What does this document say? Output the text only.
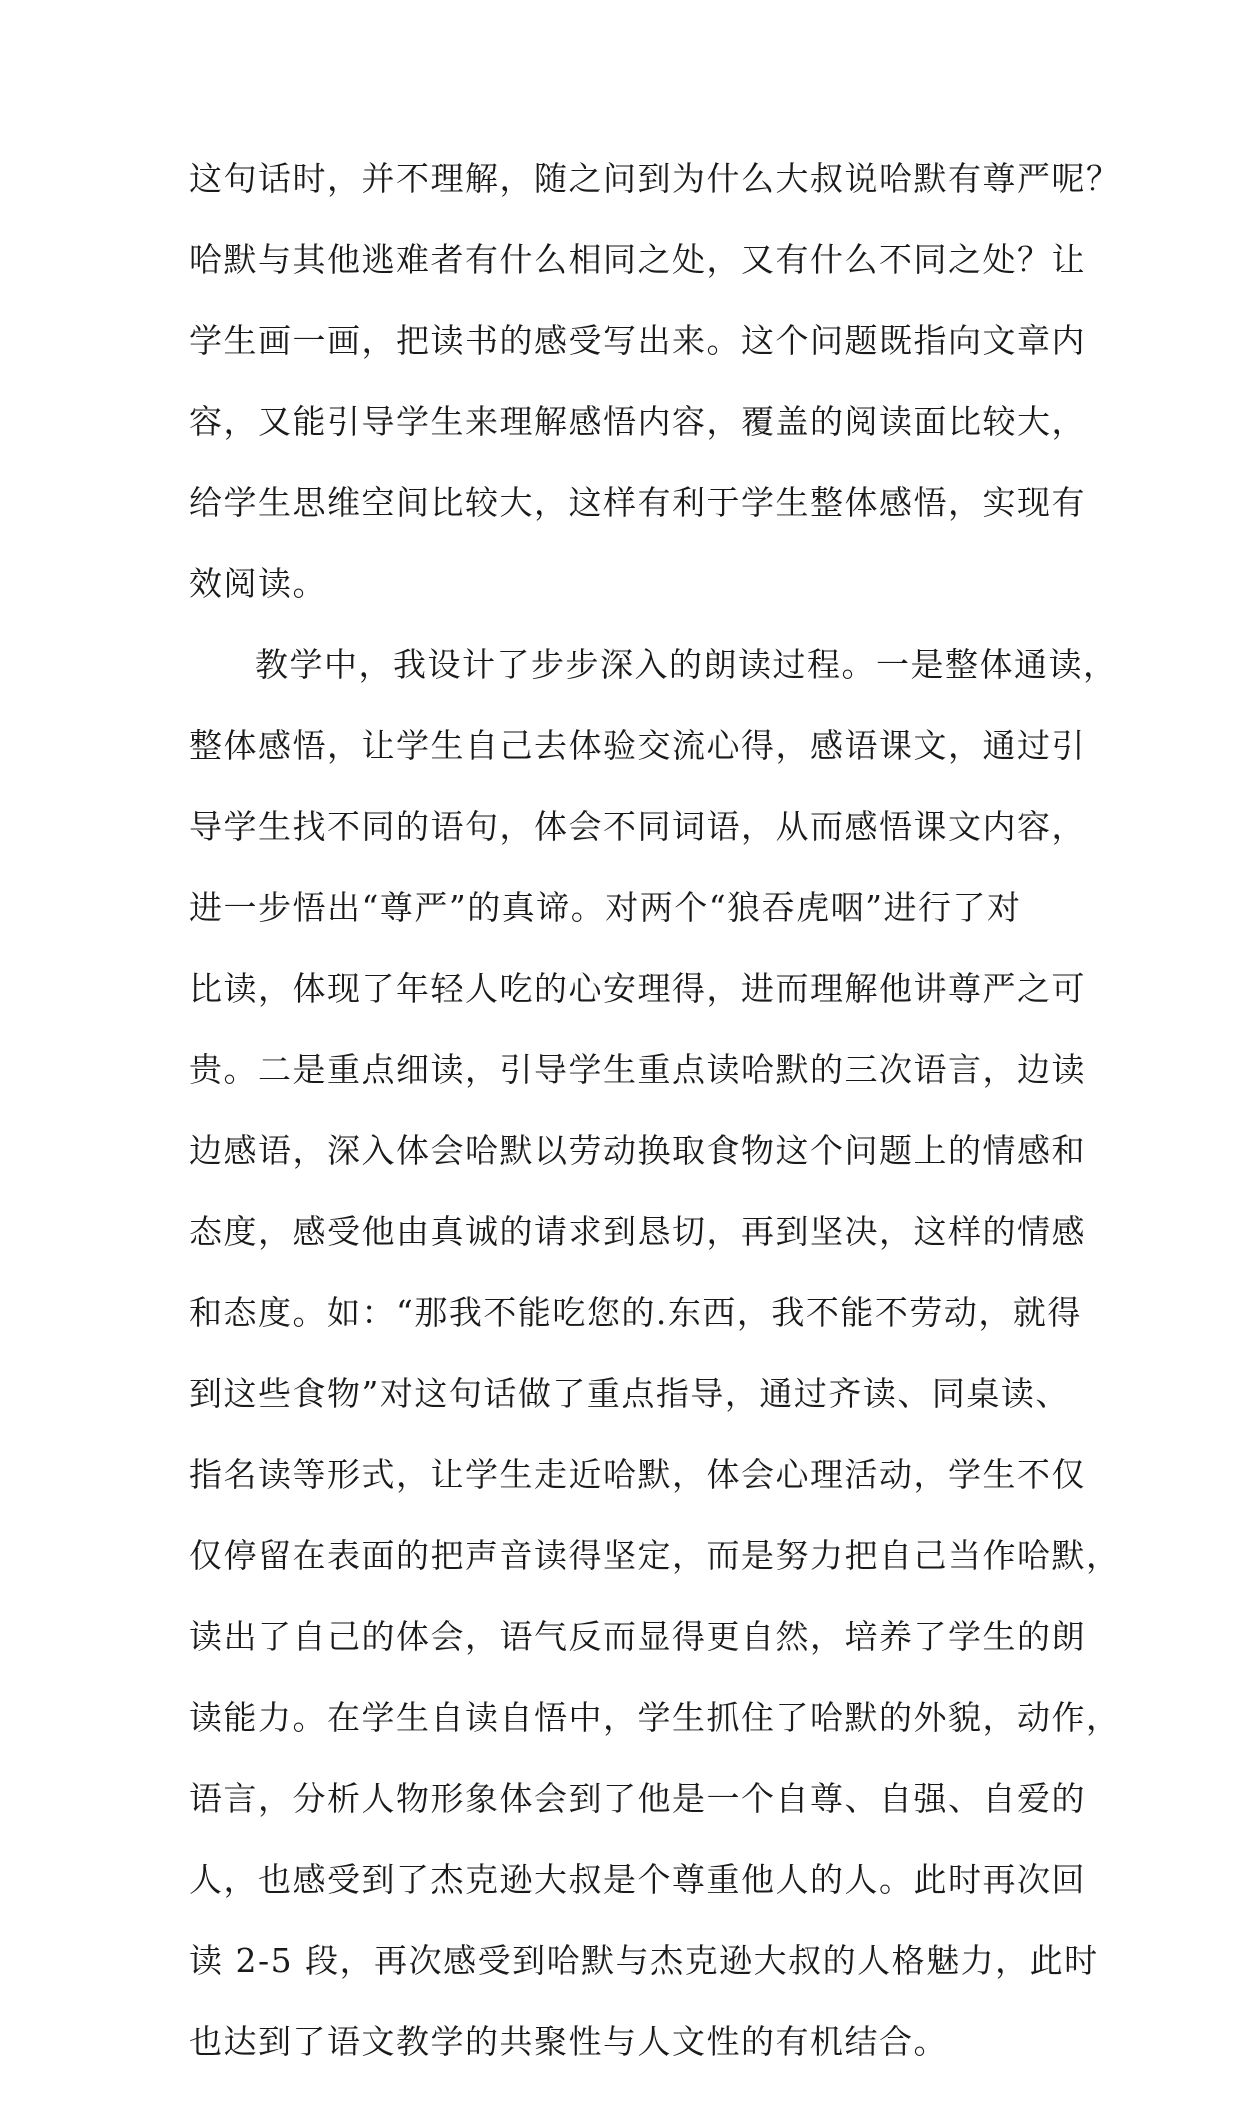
这句话时，并不理解，随之问到为什么大叔说哈默有尊严呢？
哈默与其他逃难者有什么相同之处，又有什么不同之处？让
学生画一画，把读书的感受写出来。这个问题既指向文章内
容，又能引导学生来理解感悟内容，覆盖的阅读面比较大，
给学生思维空间比较大，这样有利于学生整体感悟，实现有
效阅读。
教学中，我设计了步步深入的朗读过程。一是整体通读，
整体感悟，让学生自己去体验交流心得，感语课文，通过引
导学生找不同的语句，体会不同词语，从而感悟课文内容，
进一步悟出“尊严”的真谛。对两个“狼吞虎咽”进行了对
比读，体现了年轻人吃的心安理得，进而理解他讲尊严之可
贵。二是重点细读，引导学生重点读哈默的三次语言，边读
边感语，深入体会哈默以劳动换取食物这个问题上的情感和
态度，感受他由真诚的请求到恳切，再到坚决，这样的情感
和态度。如：“那我不能吃您的.东西，我不能不劳动，就得
到这些食物”对这句话做了重点指导，通过齐读、同桌读、
指名读等形式，让学生走近哈默，体会心理活动，学生不仅
仅停留在表面的把声音读得坚定，而是努力把自己当作哈默，
读出了自己的体会，语气反而显得更自然，培养了学生的朗
读能力。在学生自读自悟中，学生抓住了哈默的外貌，动作，
语言，分析人物形象体会到了他是一个自尊、自强、自爱的
人，也感受到了杰克逊大叔是个尊重他人的人。此时再次回
读 2-5 段，再次感受到哈默与杰克逊大叔的人格魅力，此时
也达到了语文教学的共聚性与人文性的有机结合。
